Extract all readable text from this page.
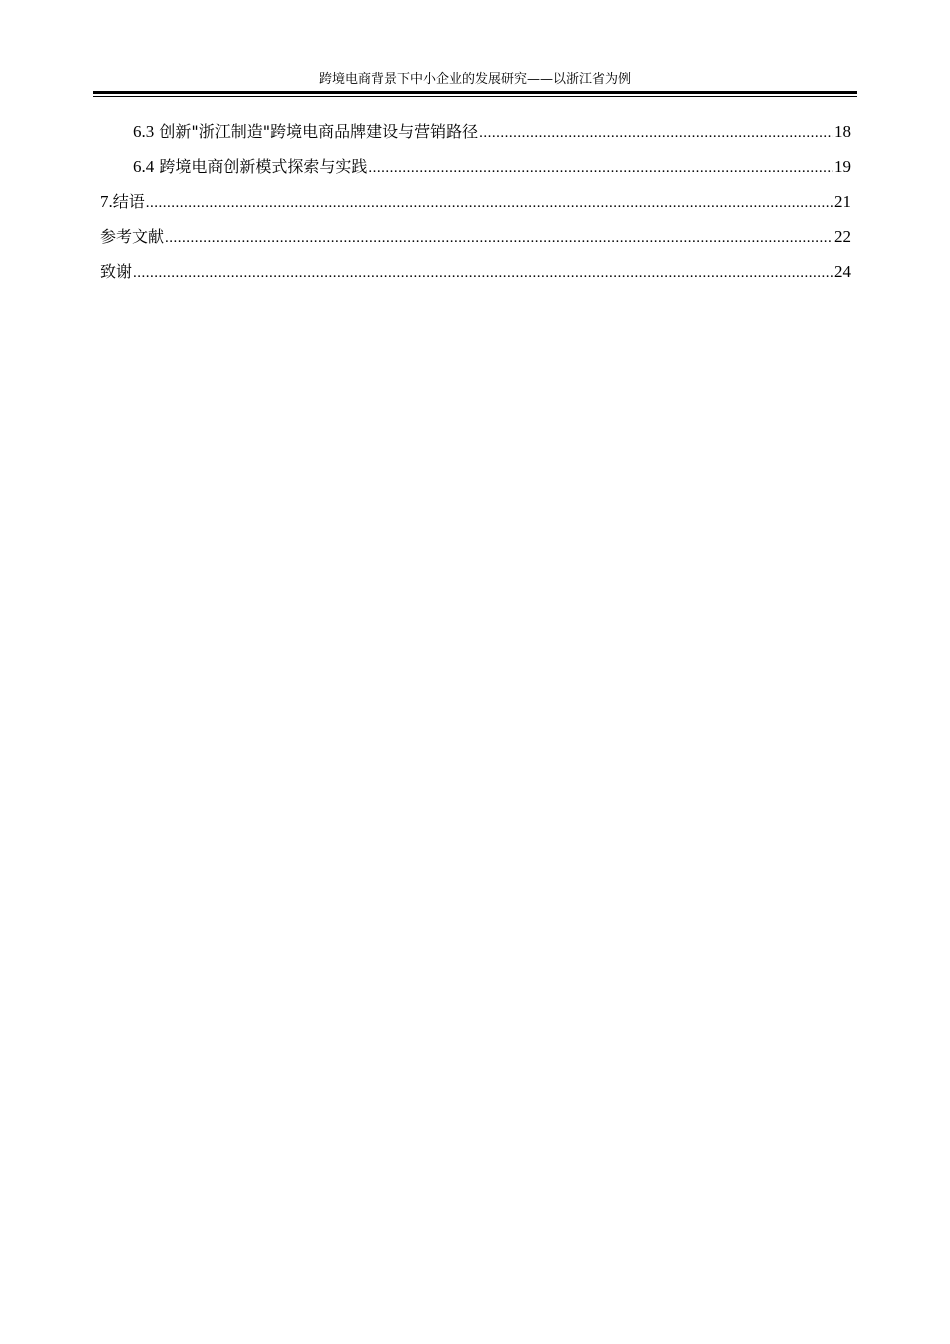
跨境电商背景下中小企业的发展研究——以浙江省为例
6.3 创新"浙江制造"跨境电商品牌建设与营销路径 .....	18
6.4 跨境电商创新模式探索与实践 .....	19
7.结语 .....	21
参考文献 .....	22
致谢 .....	24
